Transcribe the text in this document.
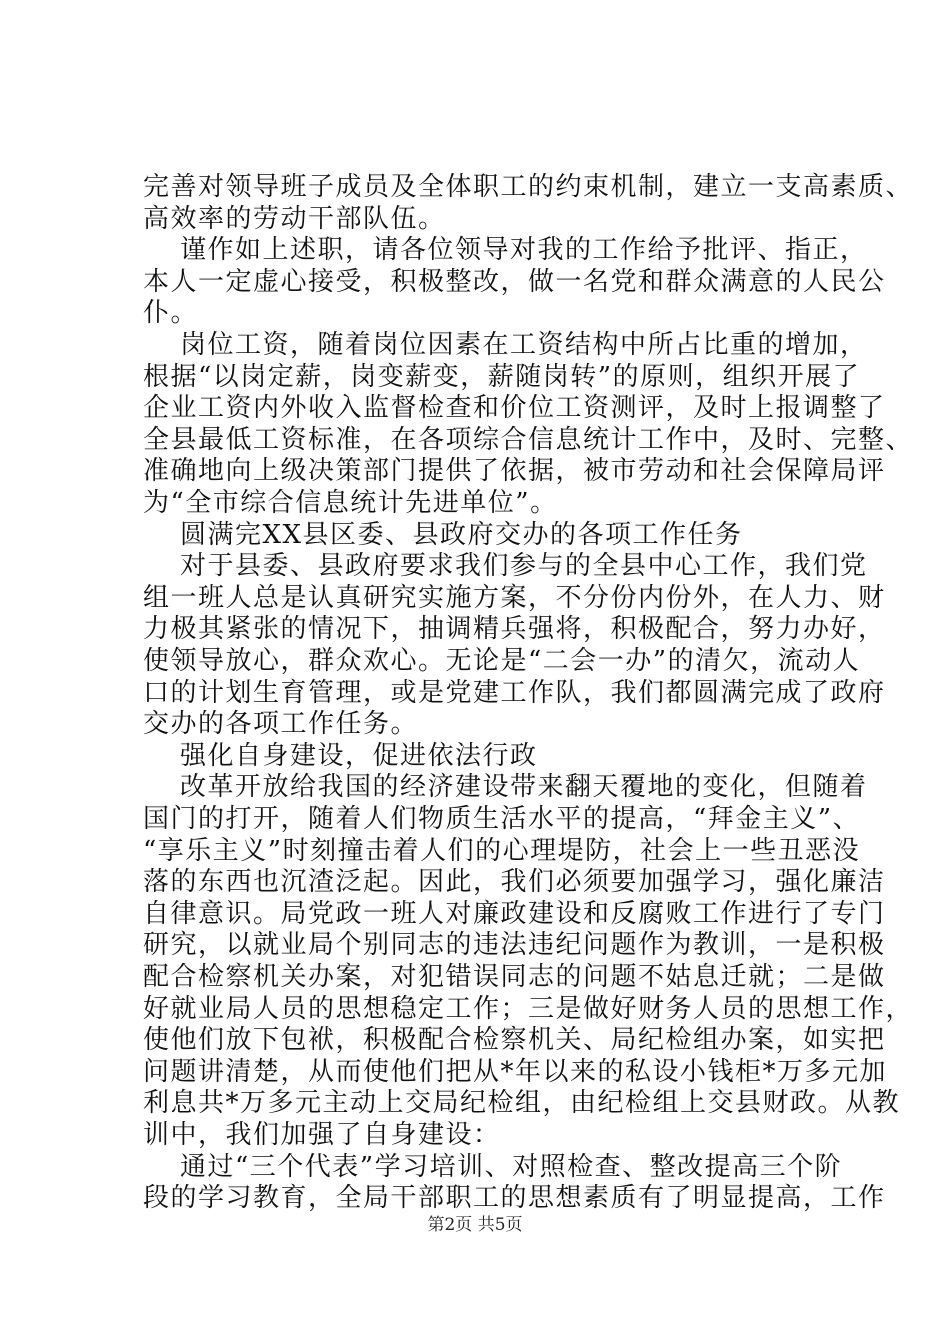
完善对领导班子成员及全体职工的约束机制，建立一支高素质、
高效率的劳动干部队伍。
谨作如上述职，请各位领导对我的工作给予批评、指正，
本人一定虚心接受，积极整改，做一名党和群众满意的人民公
仆。
岗位工资，随着岗位因素在工资结构中所占比重的增加，
根据“以岗定薪，岗变薪变，薪随岗转”的原则，组织开展了
企业工资内外收入监督检查和价位工资测评，及时上报调整了
全县最低工资标准，在各项综合信息统计工作中，及时、完整、
准确地向上级决策部门提供了依据，被市劳动和社会保障局评
为“全市综合信息统计先进单位”。
圆满完XX县区委、县政府交办的各项工作任务
对于县委、县政府要求我们参与的全县中心工作，我们党
组一班人总是认真研究实施方案，不分份内份外，在人力、财
力极其紧张的情况下，抽调精兵强将，积极配合，努力办好，
使领导放心，群众欢心。无论是“二会一办”的清欠，流动人
口的计划生育管理，或是党建工作队，我们都圆满完成了政府
交办的各项工作任务。
强化自身建设，促进依法行政
改革开放给我国的经济建设带来翻天覆地的变化，但随着
国门的打开，随着人们物质生活水平的提高，“拜金主义”、
“享乐主义”时刻撞击着人们的心理堤防，社会上一些丑恶没
落的东西也沉渣泛起。因此，我们必须要加强学习，强化廉洁
自律意识。局党政一班人对廉政建设和反腐败工作进行了专门
研究，以就业局个别同志的违法违纪问题作为教训，一是积极
配合检察机关办案，对犯错误同志的问题不姑息迁就；二是做
好就业局人员的思想稳定工作；三是做好财务人员的思想工作，
使他们放下包袱，积极配合检察机关、局纪检组办案，如实把
问题讲清楚，从而使他们把从*年以来的私设小钱柜*万多元加
利息共*万多元主动上交局纪检组，由纪检组上交县财政。从教
训中，我们加强了自身建设：
通过“三个代表”学习培训、对照检查、整改提高三个阶
段的学习教育，全局干部职工的思想素质有了明显提高，工作
第2页 共5页
